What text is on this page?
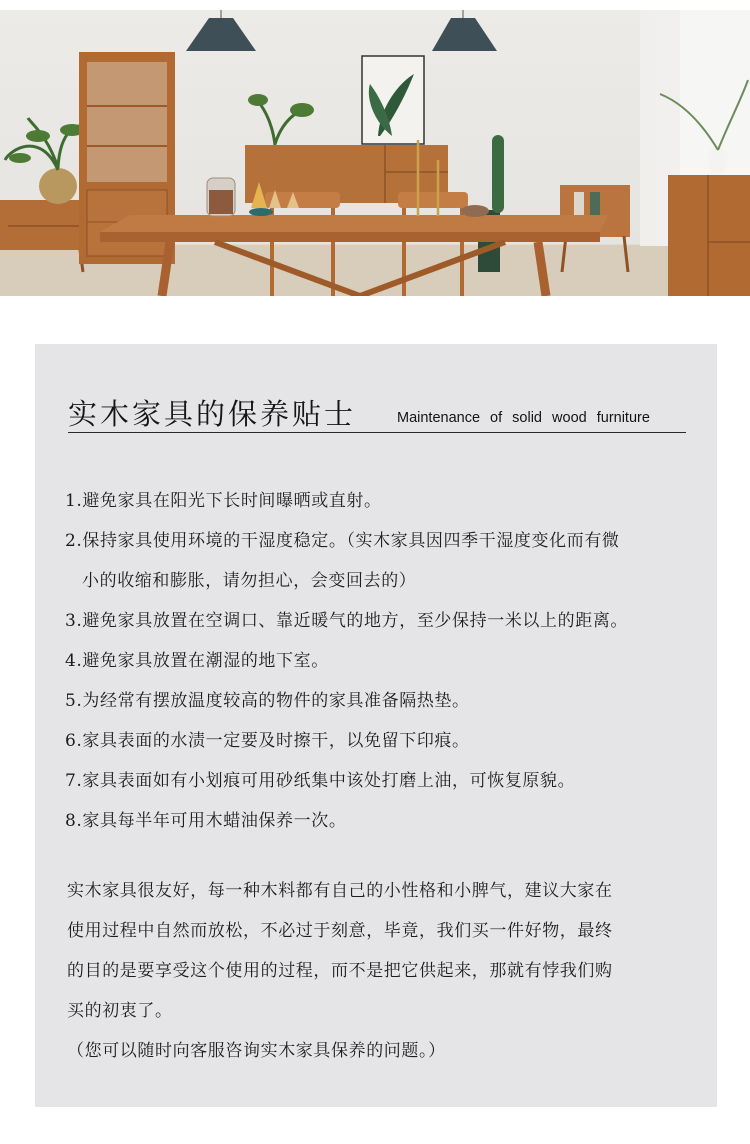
实木家具的保养贴士	Maintenance of solid wood furniture
1.避免家具在阳光下长时间曝晒或直射。
2.保持家具使用环境的干湿度稳定。（实木家具因四季干湿度变化而有微
小的收缩和膨胀，请勿担心，会变回去的）
3.避免家具放置在空调口、靠近暖气的地方，至少保持一米以上的距离。
4.避免家具放置在潮湿的地下室。
5.为经常有摆放温度较高的物件的家具准备隔热垫。
6.家具表面的水渍一定要及时擦干，以免留下印痕。
7.家具表面如有小划痕可用砂纸集中该处打磨上油，可恢复原貌。
8.家具每半年可用木蜡油保养一次。
实木家具很友好，每一种木料都有自己的小性格和小脾气，建议大家在
使用过程中自然而放松，不必过于刻意，毕竟，我们买一件好物，最终
的目的是要享受这个使用的过程，而不是把它供起来，那就有悖我们购
买的初衷了。
（您可以随时向客服咨询实木家具保养的问题。）
